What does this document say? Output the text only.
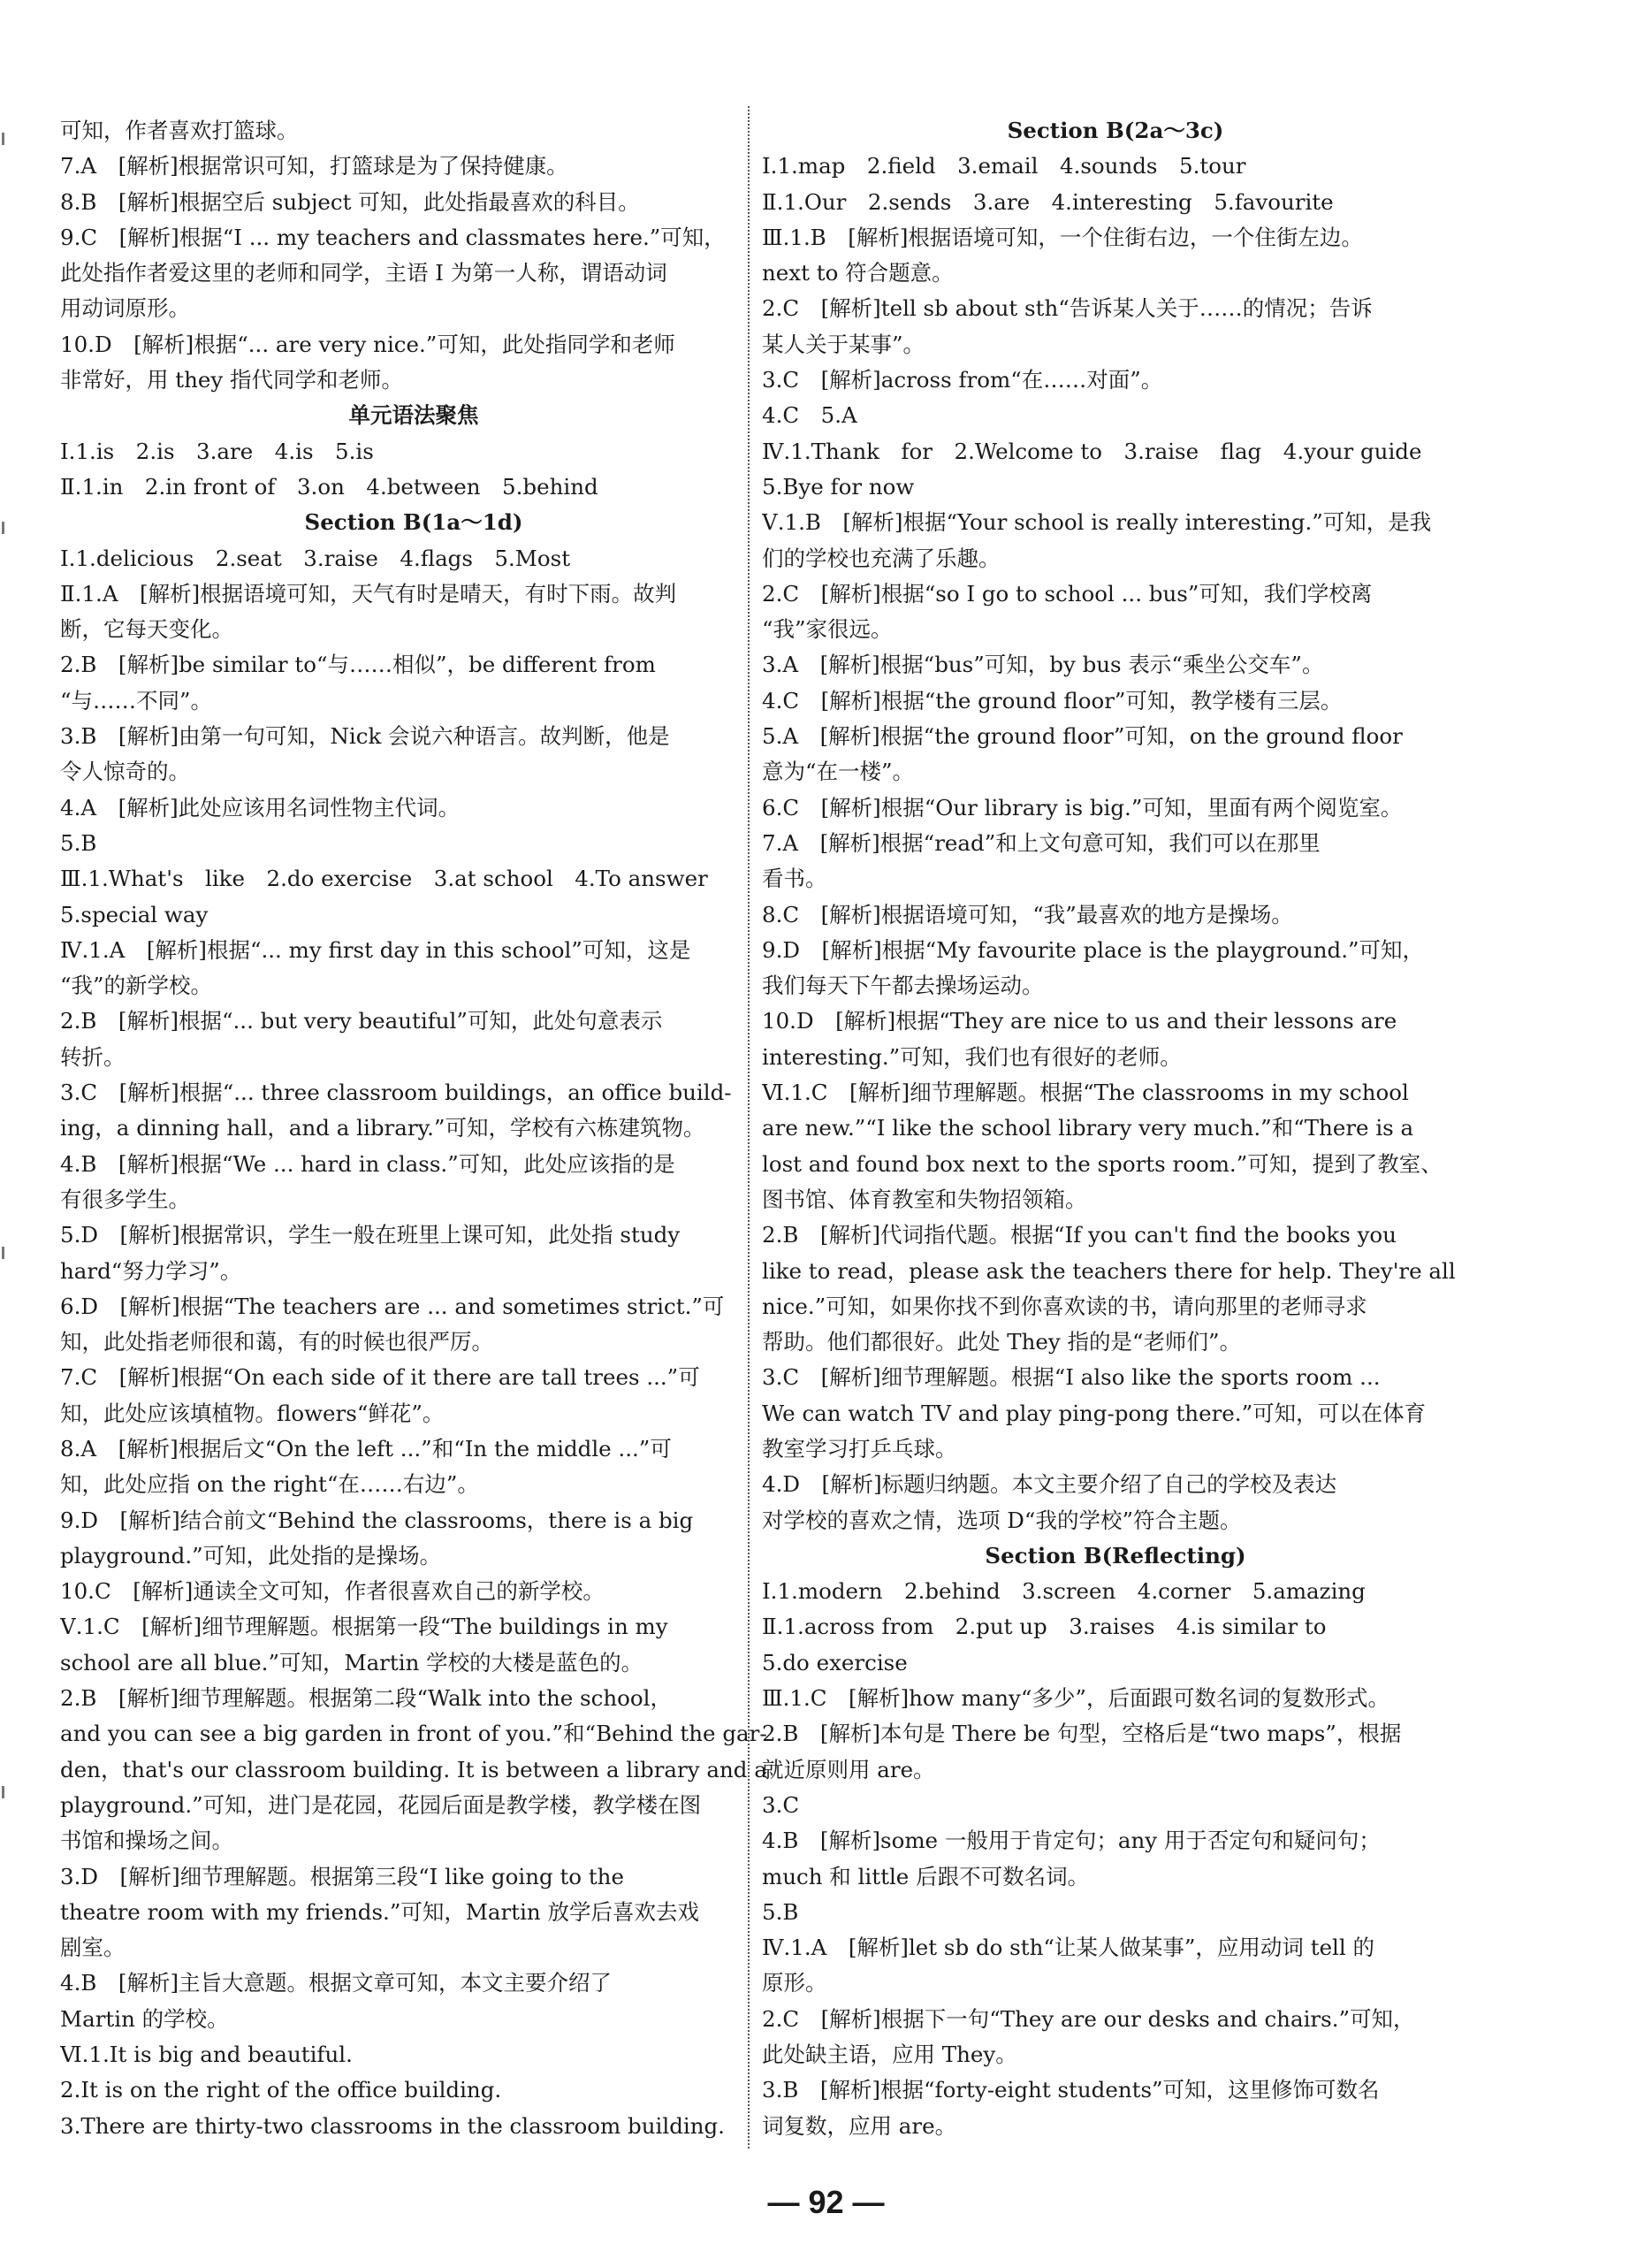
可知，作者喜欢打篮球。
7.A　[解析]根据常识可知，打篮球是为了保持健康。
8.B　[解析]根据空后 subject 可知，此处指最喜欢的科目。
9.C　[解析]根据“I ... my teachers and classmates here.”可知，
此处指作者爱这里的老师和同学，主语 I 为第一人称，谓语动词
用动词原形。
10.D　[解析]根据“... are very nice.”可知，此处指同学和老师
非常好，用 they 指代同学和老师。
单元语法聚焦
Ⅰ.1.is　2.is　3.are　4.is　5.is
Ⅱ.1.in　2.in front of　3.on　4.between　5.behind
Section B(1a～1d)
Ⅰ.1.delicious　2.seat　3.raise　4.flags　5.Most
Ⅱ.1.A　[解析]根据语境可知，天气有时是晴天，有时下雨。故判
断，它每天变化。
2.B　[解析]be similar to“与……相似”，be different from
“与……不同”。
3.B　[解析]由第一句可知，Nick 会说六种语言。故判断，他是
令人惊奇的。
4.A　[解析]此处应该用名词性物主代词。
5.B
Ⅲ.1.What's　like　2.do exercise　3.at school　4.To answer
5.special way
Ⅳ.1.A　[解析]根据“... my first day in this school”可知，这是
“我”的新学校。
2.B　[解析]根据“... but very beautiful”可知，此处句意表示
转折。
3.C　[解析]根据“... three classroom buildings，an office build-
ing，a dinning hall，and a library.”可知，学校有六栋建筑物。
4.B　[解析]根据“We ... hard in class.”可知，此处应该指的是
有很多学生。
5.D　[解析]根据常识，学生一般在班里上课可知，此处指 study
hard“努力学习”。
6.D　[解析]根据“The teachers are ... and sometimes strict.”可
知，此处指老师很和蔼，有的时候也很严厉。
7.C　[解析]根据“On each side of it there are tall trees ...”可
知，此处应该填植物。flowers“鲜花”。
8.A　[解析]根据后文“On the left ...”和“In the middle ...”可
知，此处应指 on the right“在……右边”。
9.D　[解析]结合前文“Behind the classrooms，there is a big
playground.”可知，此处指的是操场。
10.C　[解析]通读全文可知，作者很喜欢自己的新学校。
Ⅴ.1.C　[解析]细节理解题。根据第一段“The buildings in my
school are all blue.”可知，Martin 学校的大楼是蓝色的。
2.B　[解析]细节理解题。根据第二段“Walk into the school，
and you can see a big garden in front of you.”和“Behind the gar-
den，that's our classroom building. It is between a library and a
playground.”可知，进门是花园，花园后面是教学楼，教学楼在图
书馆和操场之间。
3.D　[解析]细节理解题。根据第三段“I like going to the
theatre room with my friends.”可知，Martin 放学后喜欢去戏
剧室。
4.B　[解析]主旨大意题。根据文章可知，本文主要介绍了
Martin 的学校。
Ⅵ.1.It is big and beautiful.
2.It is on the right of the office building.
3.There are thirty-two classrooms in the classroom building.
Section B(2a～3c)
Ⅰ.1.map　2.field　3.email　4.sounds　5.tour
Ⅱ.1.Our　2.sends　3.are　4.interesting　5.favourite
Ⅲ.1.B　[解析]根据语境可知，一个住街右边，一个住街左边。
next to 符合题意。
2.C　[解析]tell sb about sth“告诉某人关于……的情况；告诉
某人关于某事”。
3.C　[解析]across from“在……对面”。
4.C　5.A
Ⅳ.1.Thank　for　2.Welcome to　3.raise　flag　4.your guide
5.Bye for now
Ⅴ.1.B　[解析]根据“Your school is really interesting.”可知，是我
们的学校也充满了乐趣。
2.C　[解析]根据“so I go to school ... bus”可知，我们学校离
“我”家很远。
3.A　[解析]根据“bus”可知，by bus 表示“乘坐公交车”。
4.C　[解析]根据“the ground floor”可知，教学楼有三层。
5.A　[解析]根据“the ground floor”可知，on the ground floor
意为“在一楼”。
6.C　[解析]根据“Our library is big.”可知，里面有两个阅览室。
7.A　[解析]根据“read”和上文句意可知，我们可以在那里
看书。
8.C　[解析]根据语境可知，“我”最喜欢的地方是操场。
9.D　[解析]根据“My favourite place is the playground.”可知，
我们每天下午都去操场运动。
10.D　[解析]根据“They are nice to us and their lessons are
interesting.”可知，我们也有很好的老师。
Ⅵ.1.C　[解析]细节理解题。根据“The classrooms in my school
are new.”“I like the school library very much.”和“There is a
lost and found box next to the sports room.”可知，提到了教室、
图书馆、体育教室和失物招领箱。
2.B　[解析]代词指代题。根据“If you can't find the books you
like to read，please ask the teachers there for help. They're all
nice.”可知，如果你找不到你喜欢读的书，请向那里的老师寻求
帮助。他们都很好。此处 They 指的是“老师们”。
3.C　[解析]细节理解题。根据“I also like the sports room ...
We can watch TV and play ping-pong there.”可知，可以在体育
教室学习打乒乓球。
4.D　[解析]标题归纳题。本文主要介绍了自己的学校及表达
对学校的喜欢之情，选项 D“我的学校”符合主题。
Section B(Reflecting)
Ⅰ.1.modern　2.behind　3.screen　4.corner　5.amazing
Ⅱ.1.across from　2.put up　3.raises　4.is similar to
5.do exercise
Ⅲ.1.C　[解析]how many“多少”，后面跟可数名词的复数形式。
2.B　[解析]本句是 There be 句型，空格后是“two maps”，根据
就近原则用 are。
3.C
4.B　[解析]some 一般用于肯定句；any 用于否定句和疑问句；
much 和 little 后跟不可数名词。
5.B
Ⅳ.1.A　[解析]let sb do sth“让某人做某事”，应用动词 tell 的
原形。
2.C　[解析]根据下一句“They are our desks and chairs.”可知，
此处缺主语，应用 They。
3.B　[解析]根据“forty-eight students”可知，这里修饰可数名
词复数，应用 are。
— 92 —
